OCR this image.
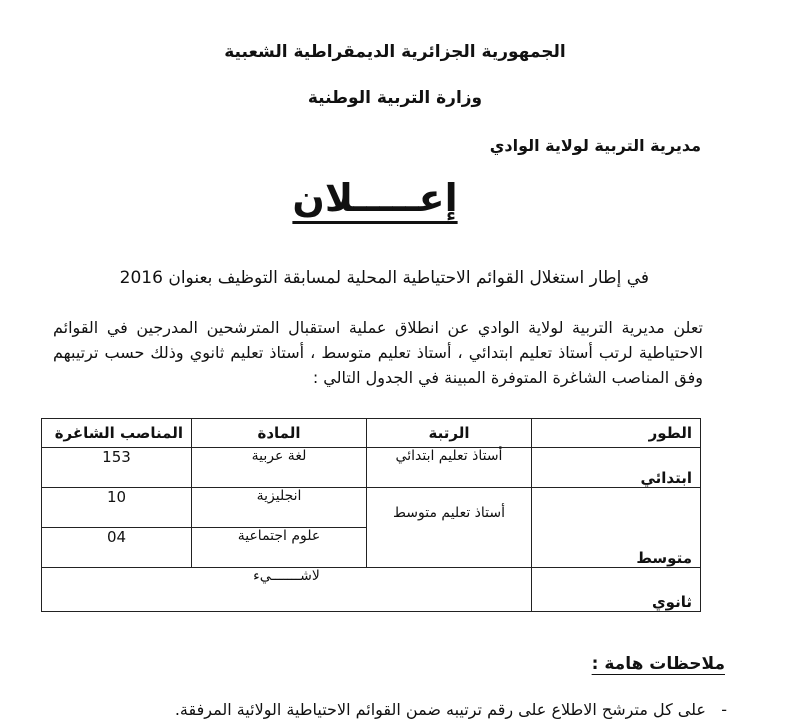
الجمهورية الجزائرية الديمقراطية الشعبية
وزارة التربية الوطنية
مديرية التربية لولاية الوادي
إعـــــلان
في إطار استغلال القوائم الاحتياطية المحلية لمسابقة التوظيف بعنوان 2016
تعلن مديرية التربية لولاية الوادي عن انطلاق عملية استقبال المترشحين المدرجين في القوائم الاحتياطية لرتب أستاذ تعليم ابتدائي ، أستاذ تعليم متوسط ، أستاذ تعليم ثانوي وذلك حسب ترتيبهم وفق المناصب الشاغرة المتوفرة المبينة في الجدول التالي :
الطور	الرتبة	المادة	المناصب الشاغرة
ابتدائي	أستاذ تعليم ابتدائي	لغة عربية	153
متوسط	أستاذ تعليم متوسط	انجليزية	10
		علوم اجتماعية	04
ثانوي	لاشـــــــيء		
ملاحظات هامة :
-   على كل مترشح الاطلاع على رقم ترتيبه ضمن القوائم الاحتياطية الولائية المرفقة.
